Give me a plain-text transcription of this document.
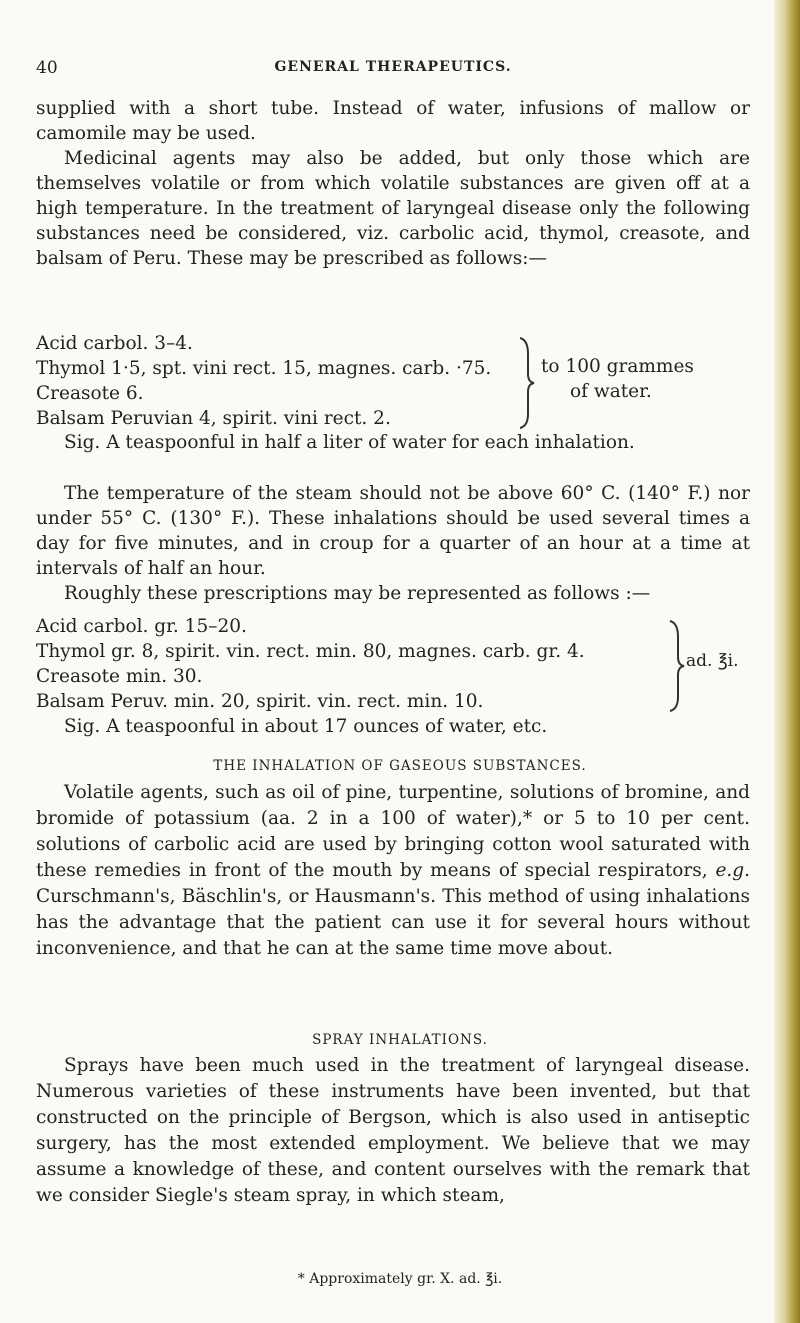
40	GENERAL THERAPEUTICS.

supplied with a short tube. Instead of water, infusions of mallow or camomile may be used.

Medicinal agents may also be added, but only those which are themselves volatile or from which volatile substances are given off at a high temperature. In the treatment of laryngeal disease only the following substances need be considered, viz. carbolic acid, thymol, creasote, and balsam of Peru. These may be prescribed as follows:—

Acid carbol. 3–4.
Thymol 1·5, spt. vini rect. 15, magnes. carb. ·75.
Creasote 6.
Balsam Peruvian 4, spirit. vini rect. 2.
to 100 grammes
of water.
Sig. A teaspoonful in half a liter of water for each inhalation.

The temperature of the steam should not be above 60° C. (140° F.) nor under 55° C. (130° F.). These inhalations should be used several times a day for five minutes, and in croup for a quarter of an hour at a time at intervals of half an hour.

Roughly these prescriptions may be represented as follows :—

Acid carbol. gr. 15–20.
Thymol gr. 8, spirit. vin. rect. min. 80, magnes. carb. gr. 4.
Creasote min. 30.
Balsam Peruv. min. 20, spirit. vin. rect. min. 10.
ad. ℥i.
Sig. A teaspoonful in about 17 ounces of water, etc.
THE INHALATION OF GASEOUS SUBSTANCES.

Volatile agents, such as oil of pine, turpentine, solutions of bromine, and bromide of potassium (aa. 2 in a 100 of water),* or 5 to 10 per cent. solutions of carbolic acid are used by bringing cotton wool saturated with these remedies in front of the mouth by means of special respirators, e.g. Curschmann's, Bäschlin's, or Hausmann's. This method of using inhalations has the advantage that the patient can use it for several hours without inconvenience, and that he can at the same time move about.

SPRAY INHALATIONS.

Sprays have been much used in the treatment of laryngeal disease. Numerous varieties of these instruments have been invented, but that constructed on the principle of Bergson, which is also used in antiseptic surgery, has the most extended employment. We believe that we may assume a knowledge of these, and content ourselves with the remark that we consider Siegle's steam spray, in which steam,

* Approximately gr. X. ad. ℥i.
